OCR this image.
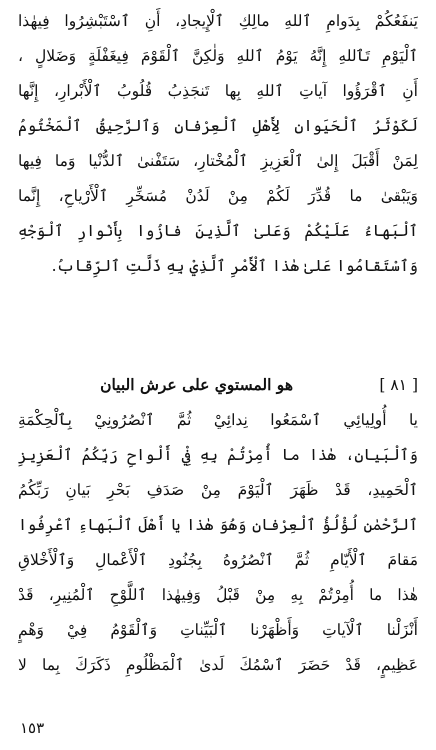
يَنفَعُكُمْ بِدَوامِ ٱللهِ مالِكِ ٱلْإِيجادِ، أَنِ ٱسْتَبْشِرُوا فِيهٰذا
ٱلْيَوْمِ تَٱللهِ إِنَّهُ يَوْمُ ٱللهِ وَلٰكِنَّ ٱلْقَوْمَ فِيغَفْلَةٍ وَضَلالٍ ،
أَنِ ٱقْرَؤُوا آياتِ ٱللهِ بِها تَنجَذِبُ قُلُوبُ ٱلْأَبْرارِ، إِنَّها
لَكَوْثَرُ ٱلْحَيَوانِ لِأَهْلِ ٱلْعِرْفانِ وَٱلرَّحِيقُ ٱلْمَخْتُومُ
لِمَنْ أَقْبَلَ إِلىٰ ٱلْعَزِيزِ ٱلْمُخْتارِ، سَتَفْنىٰ ٱلدُّنْيا وَما فِيها
وَيَبْقىٰ ما قُدِّرَ لَكُمْ مِنْ لَدُنْ مُسَخِّرِ ٱلْأَرْياحِ، إِنَّما
ٱلْبَهاءُ عَلَيْكُمْ وَعَلىٰ ٱلَّذِينَ فازُوا بِأَنْوارِ ٱلْوَجْهِ
وَٱسْتَقامُوا عَلىٰ هٰذا ٱلْأَمْرِ ٱلَّذِيْ بِهِ ذَلَّتِ ٱلرِّقابُ.
[ ٨١ ]
هو المستوي على عرش البيان
يا أُولِيائِي ٱسْمَعُوا نِدائِيْ ثُمَّ ٱنْصُرُونِيْ بِٱلْحِكْمَةِ
وَٱلْبَيانِ، هٰذا ما أُمِرْتُمْ بِهِ فِيْ أَلْواحِ رَبِّكُمُ ٱلْعَزِيزِ
ٱلْحَمِيدِ، قَدْ ظَهَرَ ٱلْيَوْمَ مِنْ صَدَفِ بَحْرِ بَيانِ رَبِّكُمُ
ٱلرَّحْمٰنِ لُؤْلُؤُ ٱلْعِرْفانِ وَهُوَ هٰذا يا أَهْلَ ٱلْبَهاءِ ٱعْرِفُوا
مَقامَ ٱلْأَيّامِ ثُمَّ ٱنْصُرُوهُ بِجُنُودِ ٱلْأَعْمالِ وَٱلْأَخْلاقِ
هٰذا ما أُمِرْتُمْ بِهِ مِنْ قَبْلُ وَفِيهٰذا ٱللَّوْحِ ٱلْمُنِيرِ، قَدْ
أَنْزَلْنا ٱلْآياتِ وَأَظْهَرْنا ٱلْبَيِّناتِ وَٱلْقَوْمُ فِيْ وَهْمٍ
عَظِيمٍ، قَدْ حَضَرَ ٱسْمُكَ لَدىٰ ٱلْمَظْلُومِ ذَكَرَكَ بِما لا
١٥٣
